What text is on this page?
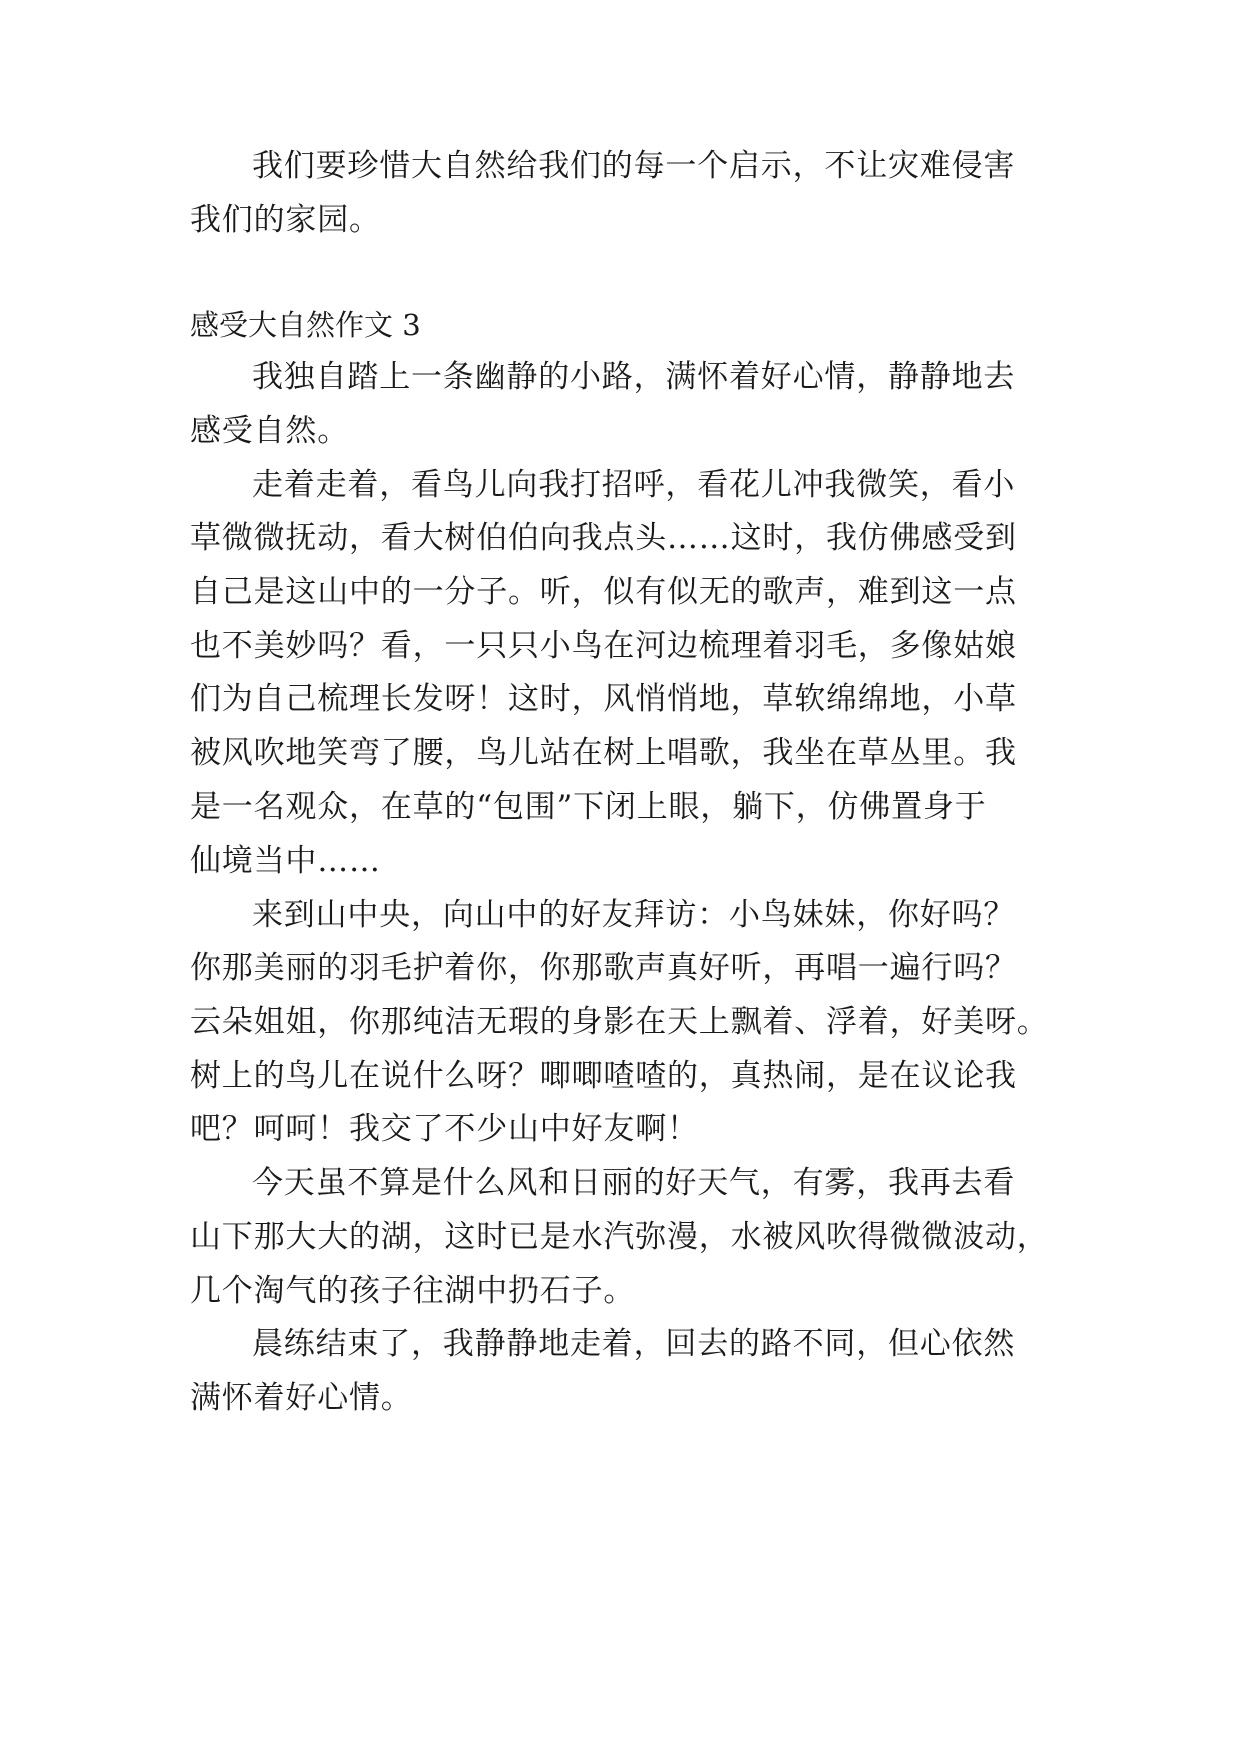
我们要珍惜大自然给我们的每一个启示，不让灾难侵害
我们的家园。
感受大自然作文 3
我独自踏上一条幽静的小路，满怀着好心情，静静地去
感受自然。
走着走着，看鸟儿向我打招呼，看花儿冲我微笑，看小
草微微抚动，看大树伯伯向我点头……这时，我仿佛感受到
自己是这山中的一分子。听，似有似无的歌声，难到这一点
也不美妙吗？看，一只只小鸟在河边梳理着羽毛，多像姑娘
们为自己梳理长发呀！这时，风悄悄地，草软绵绵地，小草
被风吹地笑弯了腰，鸟儿站在树上唱歌，我坐在草丛里。我
是一名观众，在草的“包围”下闭上眼，躺下，仿佛置身于
仙境当中……
来到山中央，向山中的好友拜访：小鸟妹妹，你好吗？
你那美丽的羽毛护着你，你那歌声真好听，再唱一遍行吗？
云朵姐姐，你那纯洁无瑕的身影在天上飘着、浮着，好美呀。
树上的鸟儿在说什么呀？唧唧喳喳的，真热闹，是在议论我
吧？呵呵！我交了不少山中好友啊！
今天虽不算是什么风和日丽的好天气，有雾，我再去看
山下那大大的湖，这时已是水汽弥漫，水被风吹得微微波动，
几个淘气的孩子往湖中扔石子。
晨练结束了，我静静地走着，回去的路不同，但心依然
满怀着好心情。
